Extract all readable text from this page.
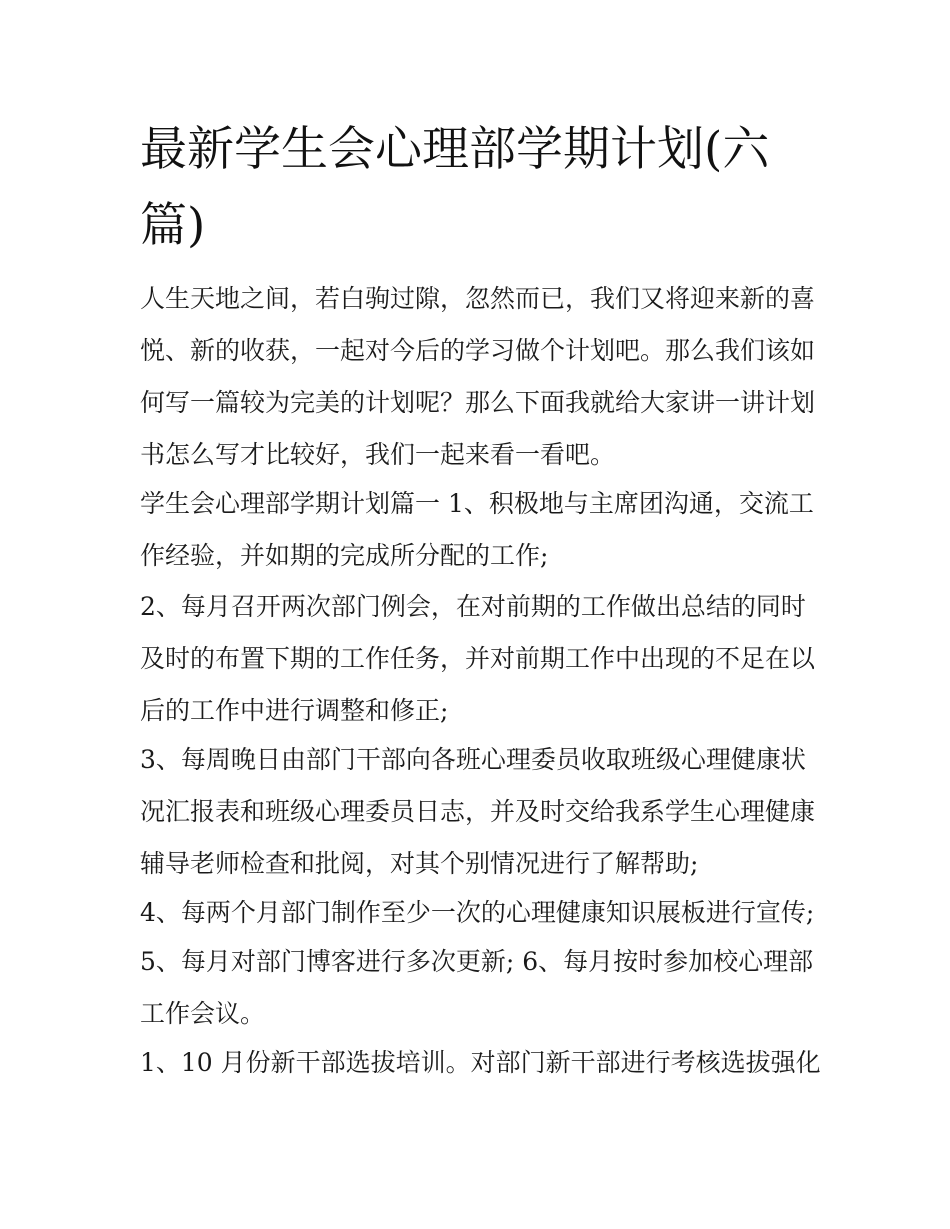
最新学生会心理部学期计划(六
篇)
人生天地之间，若白驹过隙，忽然而已，我们又将迎来新的喜
悦、新的收获，一起对今后的学习做个计划吧。那么我们该如
何写一篇较为完美的计划呢？那么下面我就给大家讲一讲计划
书怎么写才比较好，我们一起来看一看吧。
学生会心理部学期计划篇一 1、积极地与主席团沟通，交流工
作经验，并如期的完成所分配的工作;
2、每月召开两次部门例会，在对前期的工作做出总结的同时
及时的布置下期的工作任务，并对前期工作中出现的不足在以
后的工作中进行调整和修正;
3、每周晚日由部门干部向各班心理委员收取班级心理健康状
况汇报表和班级心理委员日志，并及时交给我系学生心理健康
辅导老师检查和批阅，对其个别情况进行了解帮助;
4、每两个月部门制作至少一次的心理健康知识展板进行宣传;
5、每月对部门博客进行多次更新; 6、每月按时参加校心理部
工作会议。
1、10 月份新干部选拔培训。对部门新干部进行考核选拔强化
